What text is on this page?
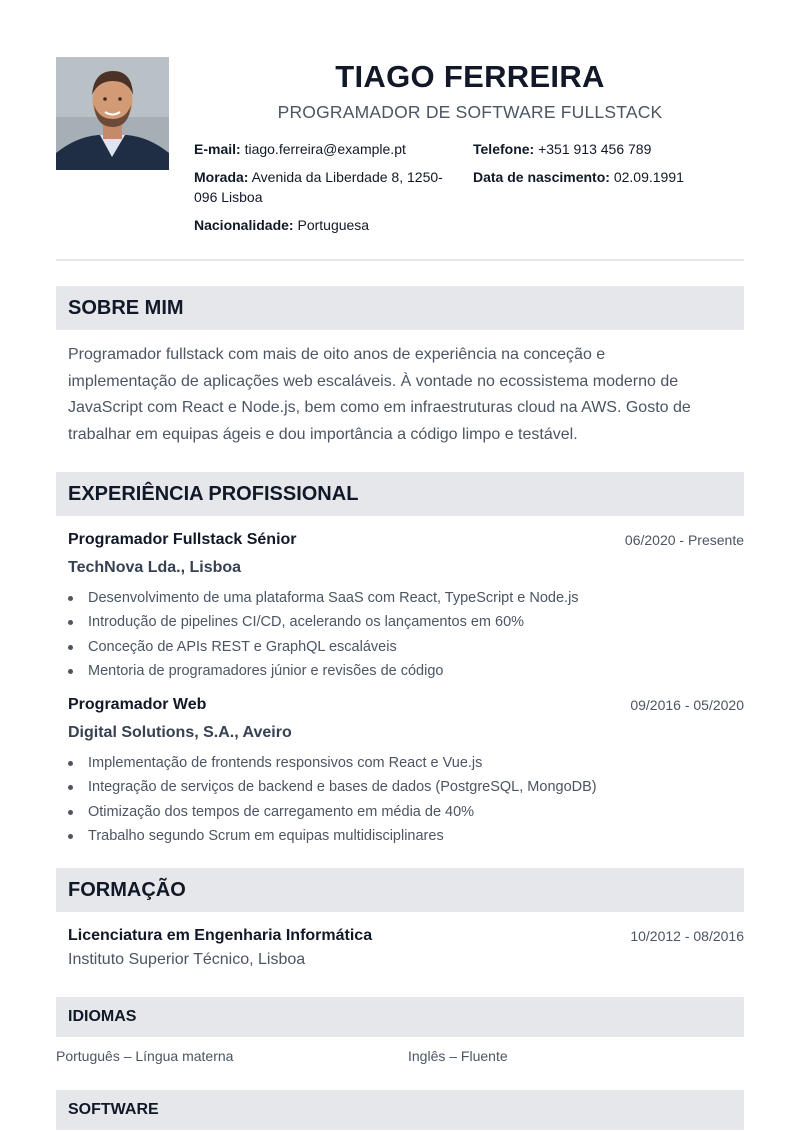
TIAGO FERREIRA
PROGRAMADOR DE SOFTWARE FULLSTACK
E-mail: tiago.ferreira@example.pt	Telefone: +351 913 456 789
Morada: Avenida da Liberdade 8, 1250-
096 Lisboa
Data de nascimento: 02.09.1991
Nacionalidade: Portuguesa
SOBRE MIM
Programador fullstack com mais de oito anos de experiência na conceção e
implementação de aplicações web escaláveis. À vontade no ecossistema moderno de
JavaScript com React e Node.js, bem como em infraestruturas cloud na AWS. Gosto de
trabalhar em equipas ágeis e dou importância a código limpo e testável.
EXPERIÊNCIA PROFISSIONAL
Programador Fullstack Sénior	06/2020 - Presente
TechNova Lda., Lisboa
Desenvolvimento de uma plataforma SaaS com React, TypeScript e Node.js
Introdução de pipelines CI/CD, acelerando os lançamentos em 60%
Conceção de APIs REST e GraphQL escaláveis
Mentoria de programadores júnior e revisões de código
Programador Web	09/2016 - 05/2020
Digital Solutions, S.A., Aveiro
Implementação de frontends responsivos com React e Vue.js
Integração de serviços de backend e bases de dados (PostgreSQL, MongoDB)
Otimização dos tempos de carregamento em média de 40%
Trabalho segundo Scrum em equipas multidisciplinares
FORMAÇÃO
Licenciatura em Engenharia Informática	10/2012 - 08/2016
Instituto Superior Técnico, Lisboa
IDIOMAS
Português – Língua materna	Inglês – Fluente
SOFTWARE
